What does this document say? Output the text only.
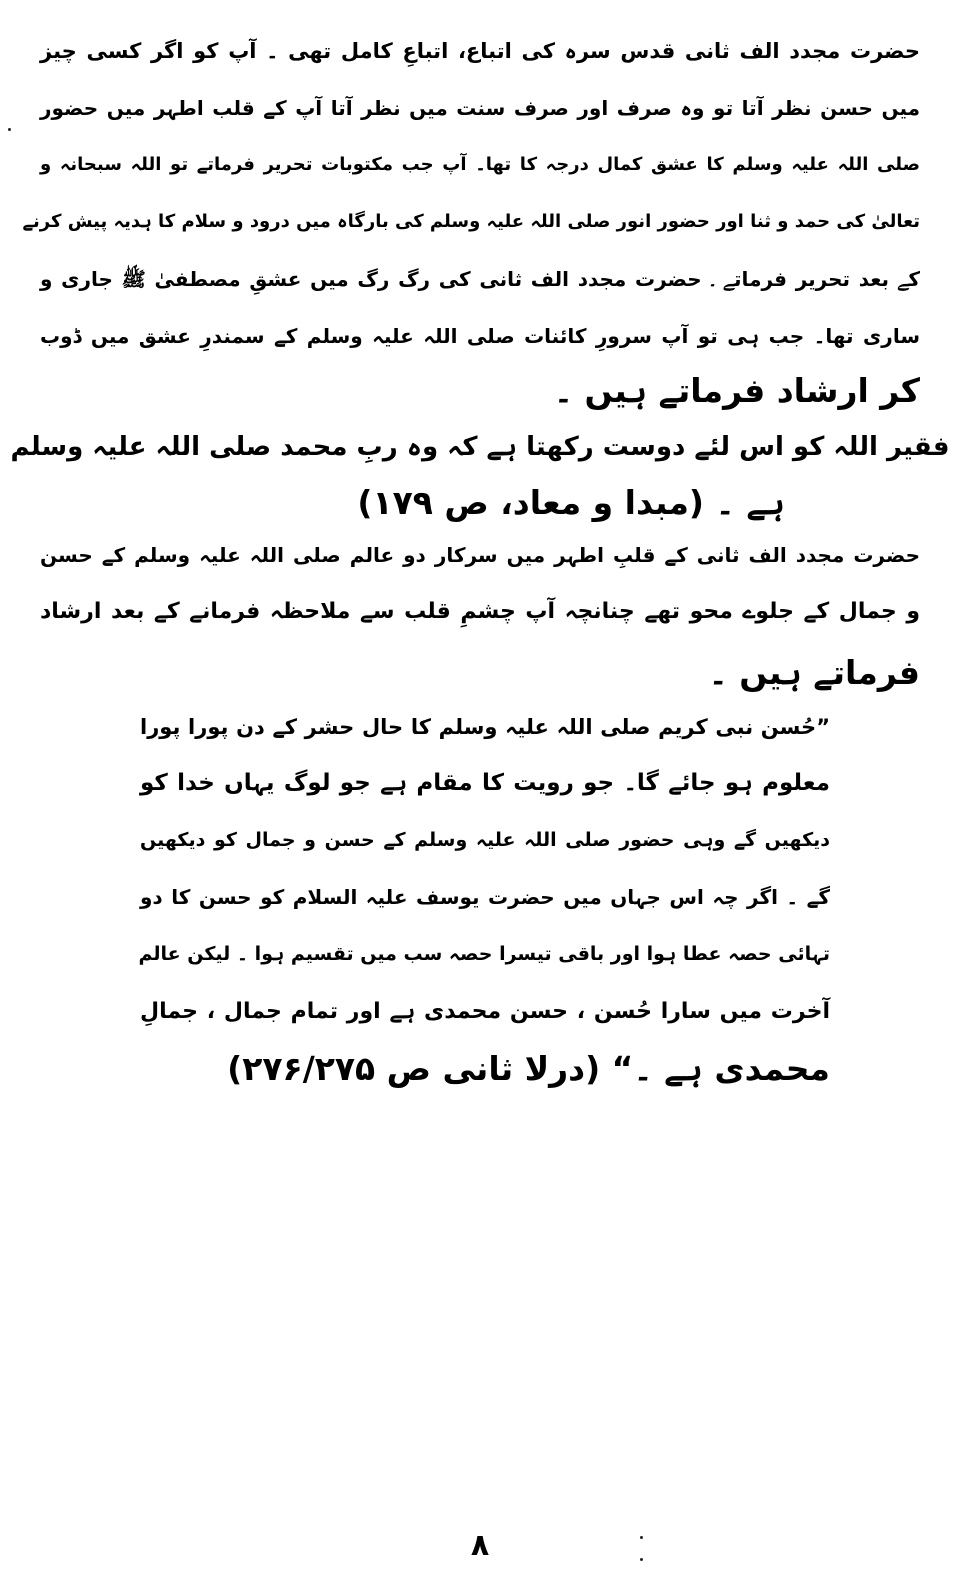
حضرت مجدد الف ثانی قدس سرہ کی اتباع، اتباعِ کامل تھی ۔ آپ کو اگر کسی چیز
میں حسن نظر آتا تو وہ صرف اور صرف سنت میں نظر آتا آپ کے قلب اطہر میں حضور
صلی اللہ علیہ وسلم کا عشق کمال درجہ کا تھا۔ آپ جب مکتوبات تحریر فرماتے تو اللہ سبحانہ و
تعالیٰ کی حمد و ثنا اور حضور انور صلی اللہ علیہ وسلم کی بارگاہ میں درود و سلام کا ہدیہ پیش کرنے
کے بعد تحریر فرماتے ۔ حضرت مجدد الف ثانی کی رگ رگ میں عشقِ مصطفیٰ ﷺ جاری و
ساری تھا۔ جب ہی تو آپ سرورِ کائنات صلی اللہ علیہ وسلم کے سمندرِ عشق میں ڈوب
کر ارشاد فرماتے ہیں ۔
فقیر اللہ کو اس لئے دوست رکھتا ہے کہ وہ ربِ محمد صلی اللہ علیہ وسلم
ہے ۔ (مبدا و معاد، ص ۱۷۹)
حضرت مجدد الف ثانی کے قلبِ اطہر میں سرکار دو عالم صلی اللہ علیہ وسلم کے حسن
و جمال کے جلوے محو تھے چنانچہ آپ چشمِ قلب سے ملاحظہ فرمانے کے بعد ارشاد
فرماتے ہیں ۔
”حُسن نبی کریم صلی اللہ علیہ وسلم کا حال حشر کے دن پورا پورا
معلوم ہو جائے گا۔ جو رویت کا مقام ہے جو لوگ یہاں خدا کو
دیکھیں گے وہی حضور صلی اللہ علیہ وسلم کے حسن و جمال کو دیکھیں
گے ۔ اگر چہ اس جہاں میں حضرت یوسف علیہ السلام کو حسن کا دو
تہائی حصہ عطا ہوا اور باقی تیسرا حصہ سب میں تقسیم ہوا ۔ لیکن عالم
آخرت میں سارا حُسن ، حسن محمدی ہے اور تمام جمال ، جمالِ
محمدی ہے ۔“ (درلا ثانی ص ۲۷۶/۲۷۵)
۸
